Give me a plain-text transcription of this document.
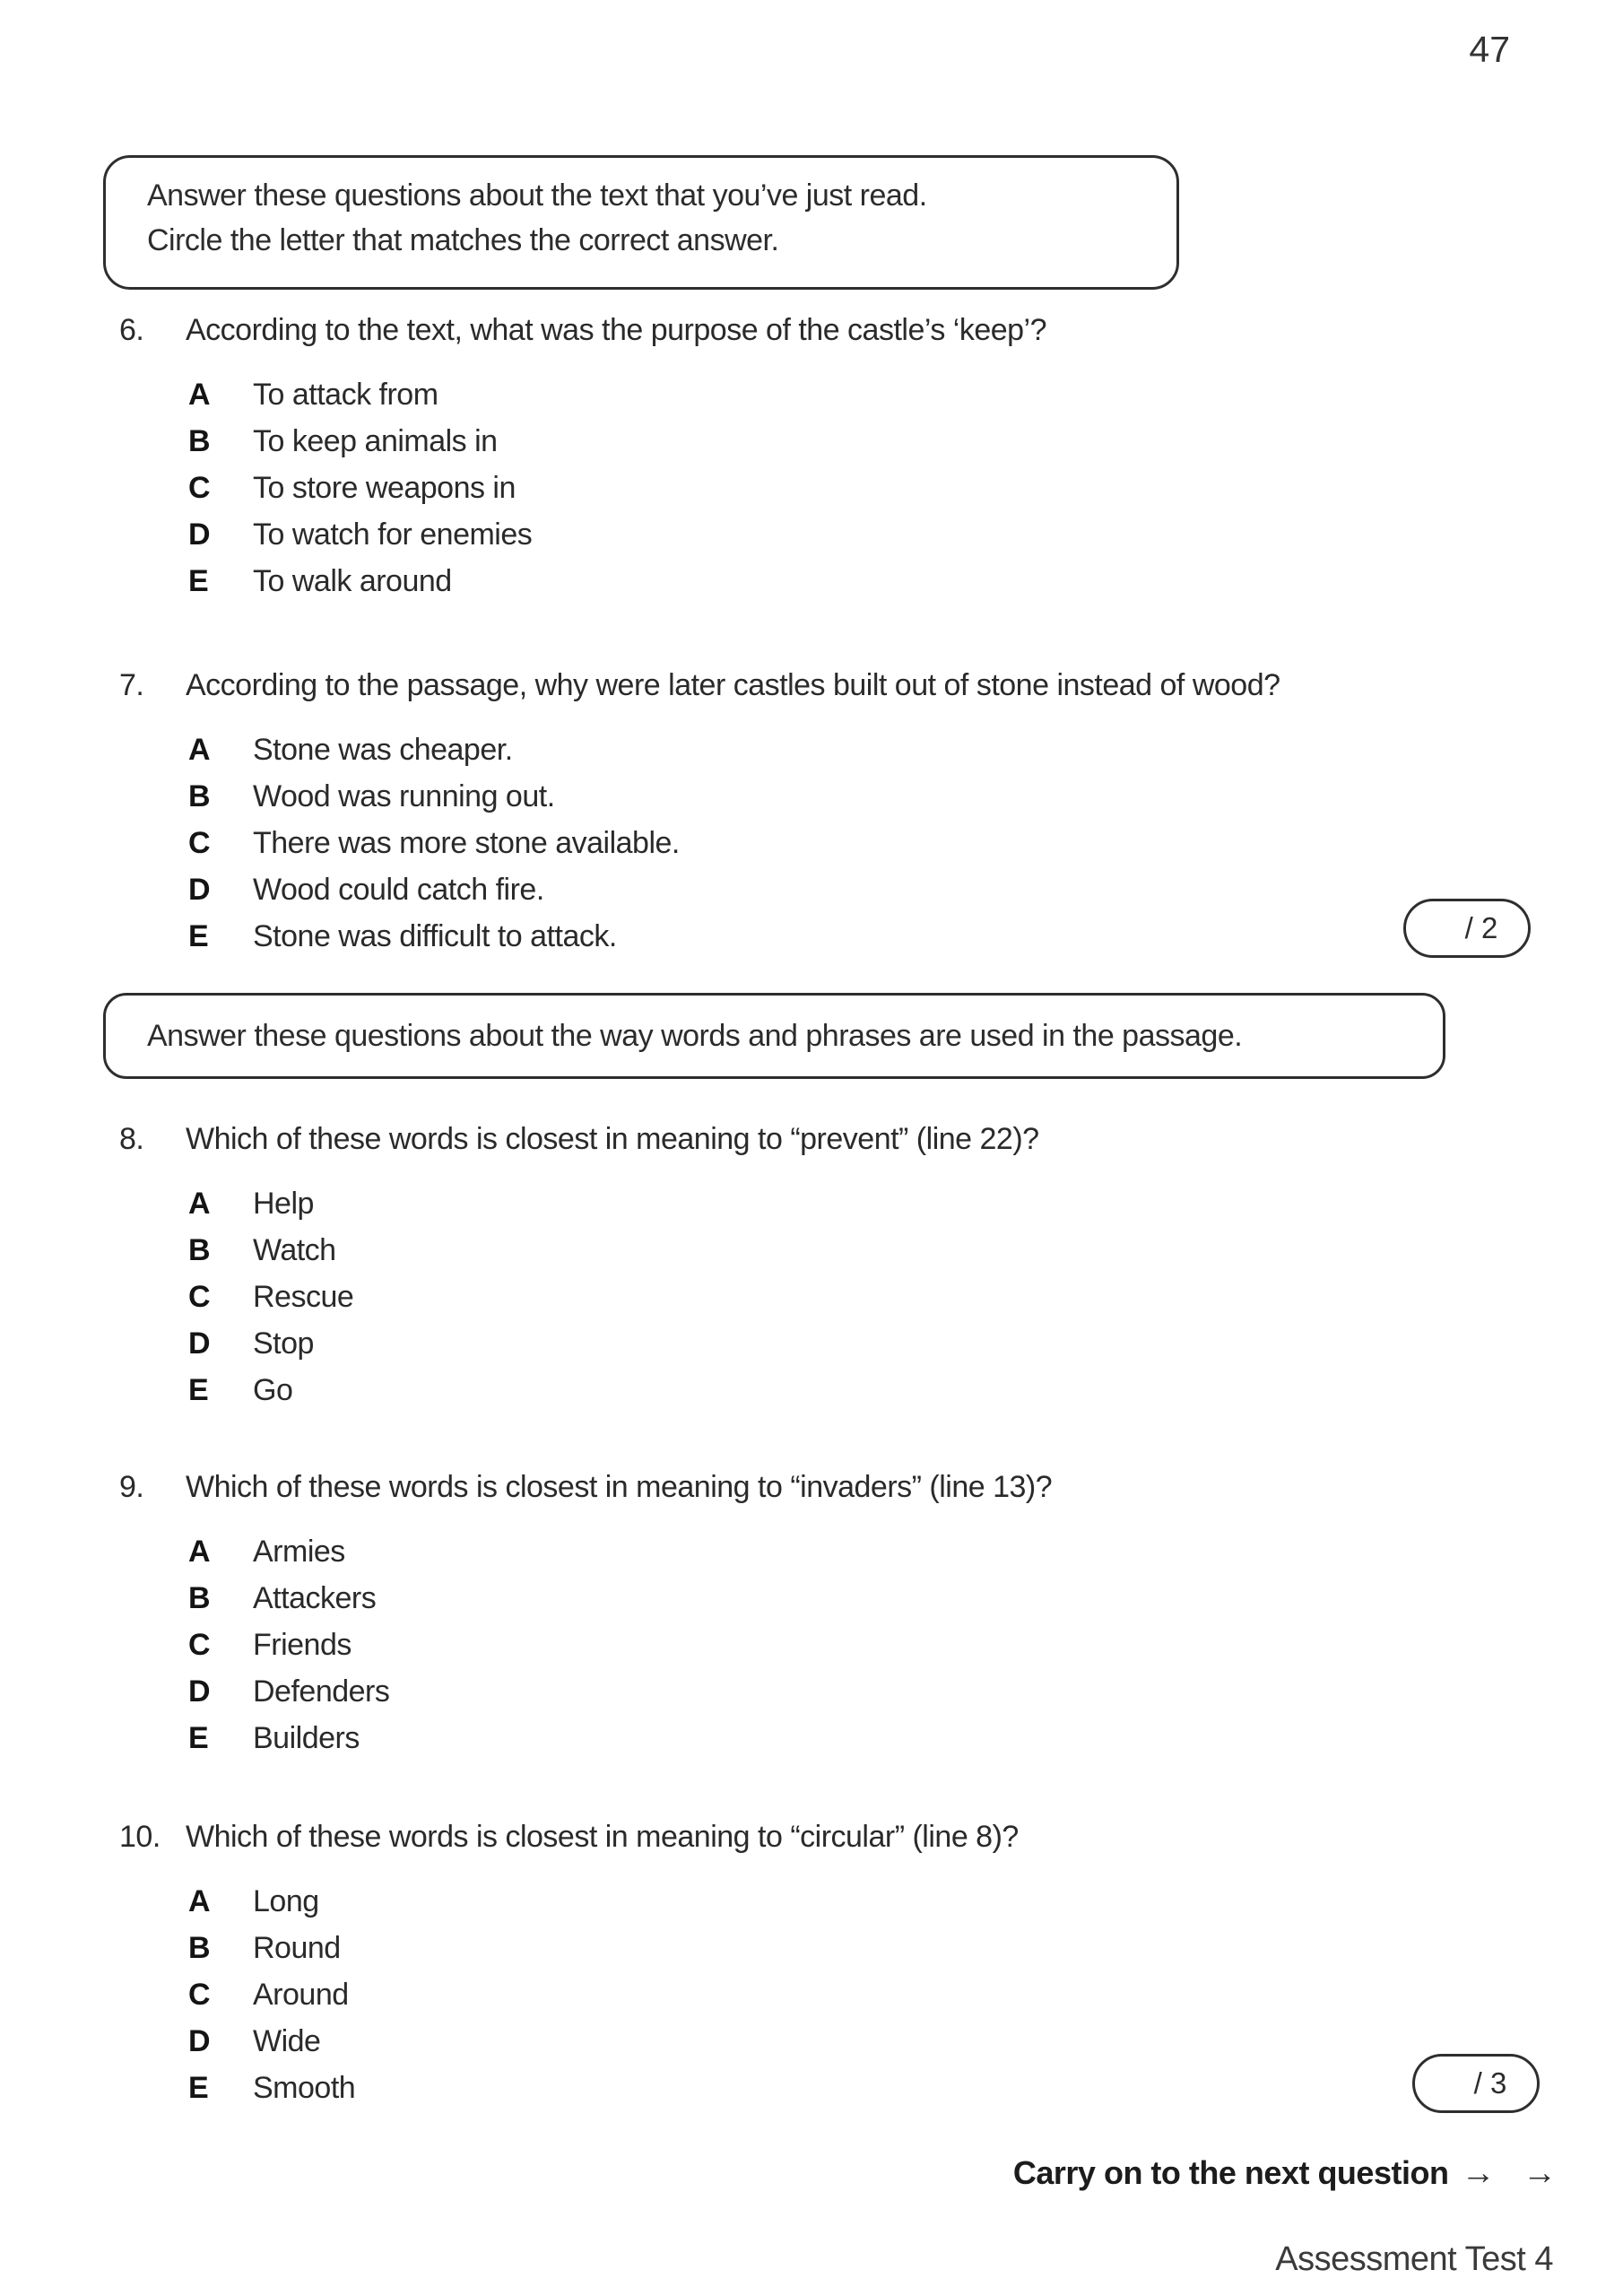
47
Answer these questions about the text that you’ve just read.
Circle the letter that matches the correct answer.
6.	According to the text, what was the purpose of the castle’s ‘keep’?
A	To attack from
B	To keep animals in
C	To store weapons in
D	To watch for enemies
E	To walk around
7.	According to the passage, why were later castles built out of stone instead of wood?
A	Stone was cheaper.
B	Wood was running out.
C	There was more stone available.
D	Wood could catch fire.
E	Stone was difficult to attack.	/ 2
Answer these questions about the way words and phrases are used in the passage.
8.	Which of these words is closest in meaning to “prevent” (line 22)?
A	Help
B	Watch
C	Rescue
D	Stop
E	Go
9.	Which of these words is closest in meaning to “invaders” (line 13)?
A	Armies
B	Attackers
C	Friends
D	Defenders
E	Builders
10. Which of these words is closest in meaning to “circular” (line 8)?
A	Long
B	Round
C	Around
D	Wide
E	Smooth	/ 3
Carry on to the next question → →
Assessment Test 4
